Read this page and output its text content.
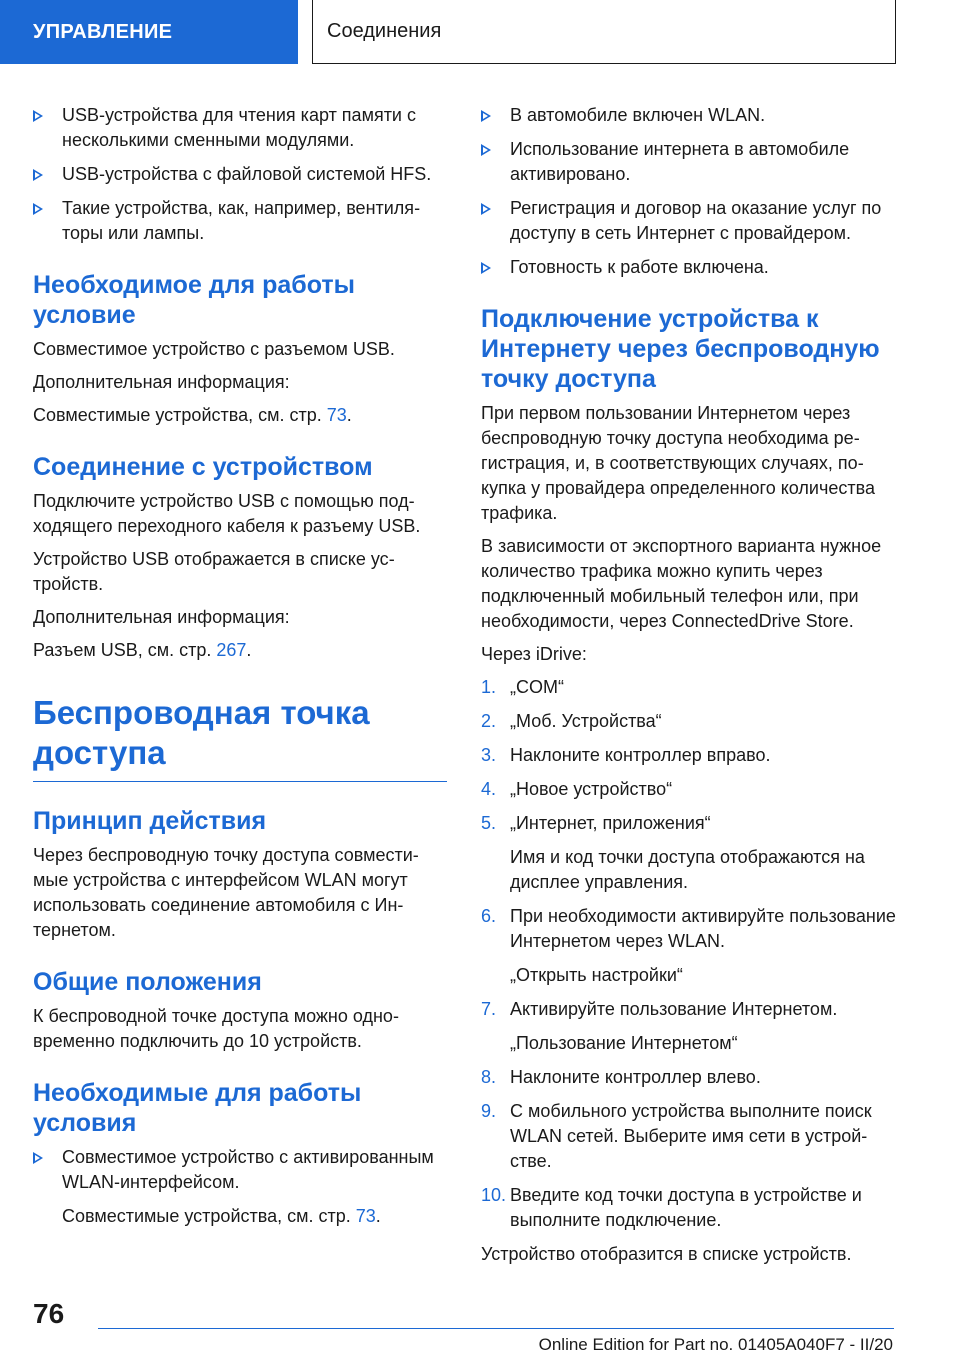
УПРАВЛЕНИЕ	Соединения
USB-устройства для чтения карт памяти с несколькими сменными модулями.
USB-устройства с файловой системой HFS.
Такие устройства, как, например, вентиляторы или лампы.
Необходимое для работы условие

Совместимое устройство с разъемом USB.

Дополнительная информация:

Совместимые устройства, см. стр. 73.

Соединение с устройством

Подключите устройство USB с помощью подходящего переходного кабеля к разъему USB.

Устройство USB отображается в списке устройств.

Дополнительная информация:

Разъем USB, см. стр. 267.

Беспроводная точка доступа
Принцип действия

Через беспроводную точку доступа совместимые устройства с интерфейсом WLAN могут использовать соединение автомобиля с Интернетом.

Общие положения

К беспроводной точке доступа можно одновременно подключить до 10 устройств.

Необходимые для работы условия
Совместимое устройство с активированным WLAN-интерфейсом.
Совместимые устройства, см. стр. 73.
В автомобиле включен WLAN.
Использование интернета в автомобиле активировано.
Регистрация и договор на оказание услуг по доступу в сеть Интернет с провайдером.
Готовность к работе включена.
Подключение устройства к Интернету через беспроводную точку доступа

При первом пользовании Интернетом через беспроводную точку доступа необходима регистрация, и, в соответствующих случаях, покупка у провайдера определенного количества трафика.

В зависимости от экспортного варианта нужное количество трафика можно купить через подключенный мобильный телефон или, при необходимости, через ConnectedDrive Store.

Через iDrive:

1. „COM“
2. „Моб. Устройства“
3. Наклоните контроллер вправо.
4. „Новое устройство“
5. „Интернет, приложения“
Имя и код точки доступа отображаются на дисплее управления.
6. При необходимости активируйте пользование Интернетом через WLAN.
„Открыть настройки“
7. Активируйте пользование Интернетом.
„Пользование Интернетом“
8. Наклоните контроллер влево.
9. С мобильного устройства выполните поиск WLAN сетей. Выберите имя сети в устройстве.
10. Введите код точки доступа в устройстве и выполните подключение.

Устройство отобразится в списке устройств.

76
Online Edition for Part no. 01405A040F7 - II/20
